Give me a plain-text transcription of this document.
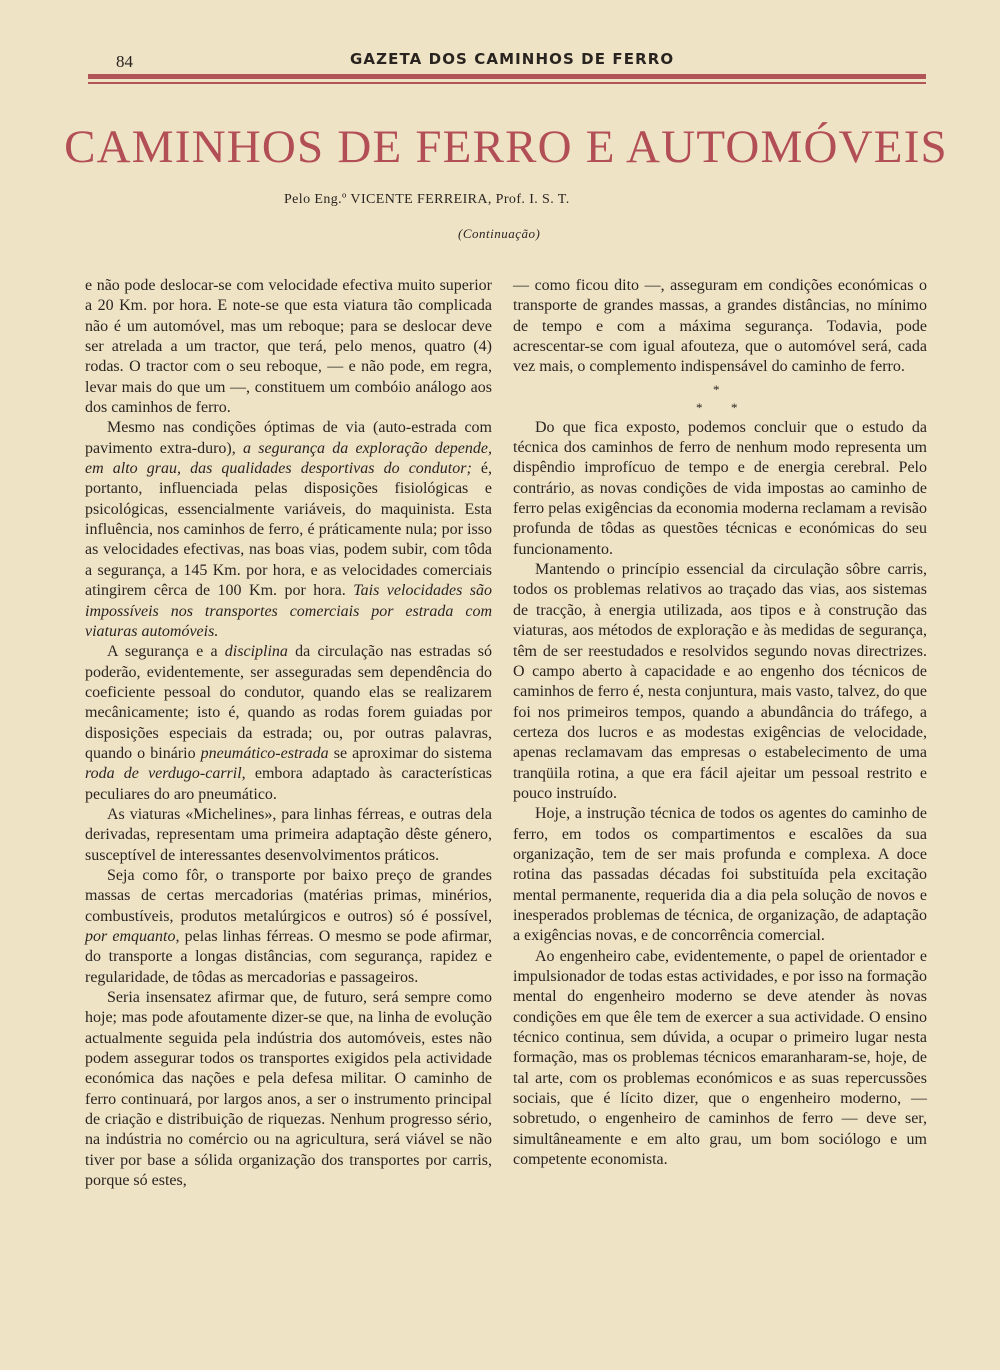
84	GAZETA DOS CAMINHOS DE FERRO
CAMINHOS DE FERRO E AUTOMÓVEIS
Pelo Eng.º VICENTE FERREIRA, Prof. I. S. T.
(Continuação)

e não pode deslocar-se com velocidade efectiva muito superior a 20 Km. por hora. E note-se que esta viatura tão complicada não é um automóvel, mas um reboque; para se deslocar deve ser atrelada a um tractor, que terá, pelo menos, quatro (4) rodas. O tractor com o seu reboque, — e não pode, em regra, levar mais do que um —, constituem um combóio análogo aos dos caminhos de ferro.

Mesmo nas condições óptimas de via (auto-estrada com pavimento extra-duro), a segurança da exploração depende, em alto grau, das qualidades desportivas do condutor; é, portanto, influenciada pelas disposições fisiológicas e psicológicas, essencialmente variáveis, do maquinista. Esta influência, nos caminhos de ferro, é práticamente nula; por isso as velocidades efectivas, nas boas vias, podem subir, com tôda a segurança, a 145 Km. por hora, e as velocidades comerciais atingirem cêrca de 100 Km. por hora. Tais velocidades são impossíveis nos transportes comerciais por estrada com viaturas automóveis.

A segurança e a disciplina da circulação nas estradas só poderão, evidentemente, ser asseguradas sem dependência do coeficiente pessoal do condutor, quando elas se realizarem mecânicamente; isto é, quando as rodas forem guiadas por disposições especiais da estrada; ou, por outras palavras, quando o binário pneumático-estrada se aproximar do sistema roda de verdugo-carril, embora adaptado às características peculiares do aro pneumático.

As viaturas «Michelines», para linhas férreas, e outras dela derivadas, representam uma primeira adaptação dêste género, susceptível de interessantes desenvolvimentos práticos.

Seja como fôr, o transporte por baixo preço de grandes massas de certas mercadorias (matérias primas, minérios, combustíveis, produtos metalúrgicos e outros) só é possível, por emquanto, pelas linhas férreas. O mesmo se pode afirmar, do transporte a longas distâncias, com segurança, rapidez e regularidade, de tôdas as mercadorias e passageiros.

Seria insensatez afirmar que, de futuro, será sempre como hoje; mas pode afoutamente dizer-se que, na linha de evolução actualmente seguida pela indústria dos automóveis, estes não podem assegurar todos os transportes exigidos pela actividade económica das nações e pela defesa militar. O caminho de ferro continuará, por largos anos, a ser o instrumento principal de criação e distribuição de riquezas. Nenhum progresso sério, na indústria no comércio ou na agricultura, será viável se não tiver por base a sólida organização dos transportes por carris, porque só estes,

— como ficou dito —, asseguram em condições económicas o transporte de grandes massas, a grandes distâncias, no mínimo de tempo e com a máxima segurança. Todavia, pode acrescentar-se com igual afouteza, que o automóvel será, cada vez mais, o complemento indispensável do caminho de ferro.

*
* *

Do que fica exposto, podemos concluir que o estudo da técnica dos caminhos de ferro de nenhum modo representa um dispêndio improfícuo de tempo e de energia cerebral. Pelo contrário, as novas condições de vida impostas ao caminho de ferro pelas exigências da economia moderna reclamam a revisão profunda de tôdas as questões técnicas e económicas do seu funcionamento.

Mantendo o princípio essencial da circulação sôbre carris, todos os problemas relativos ao traçado das vias, aos sistemas de tracção, à energia utilizada, aos tipos e à construção das viaturas, aos métodos de exploração e às medidas de segurança, têm de ser reestudados e resolvidos segundo novas directrizes. O campo aberto à capacidade e ao engenho dos técnicos de caminhos de ferro é, nesta conjuntura, mais vasto, talvez, do que foi nos primeiros tempos, quando a abundância do tráfego, a certeza dos lucros e as modestas exigências de velocidade, apenas reclamavam das empresas o estabelecimento de uma tranqüila rotina, a que era fácil ajeitar um pessoal restrito e pouco instruído.

Hoje, a instrução técnica de todos os agentes do caminho de ferro, em todos os compartimentos e escalões da sua organização, tem de ser mais profunda e complexa. A doce rotina das passadas décadas foi substituída pela excitação mental permanente, requerida dia a dia pela solução de novos e inesperados problemas de técnica, de organização, de adaptação a exigências novas, e de concorrência comercial.

Ao engenheiro cabe, evidentemente, o papel de orientador e impulsionador de todas estas actividades, e por isso na formação mental do engenheiro moderno se deve atender às novas condições em que êle tem de exercer a sua actividade. O ensino técnico continua, sem dúvida, a ocupar o primeiro lugar nesta formação, mas os problemas técnicos emaranharam-se, hoje, de tal arte, com os problemas económicos e as suas repercussões sociais, que é lícito dizer, que o engenheiro moderno, — sobretudo, o engenheiro de caminhos de ferro — deve ser, simultâneamente e em alto grau, um bom sociólogo e um competente economista.
